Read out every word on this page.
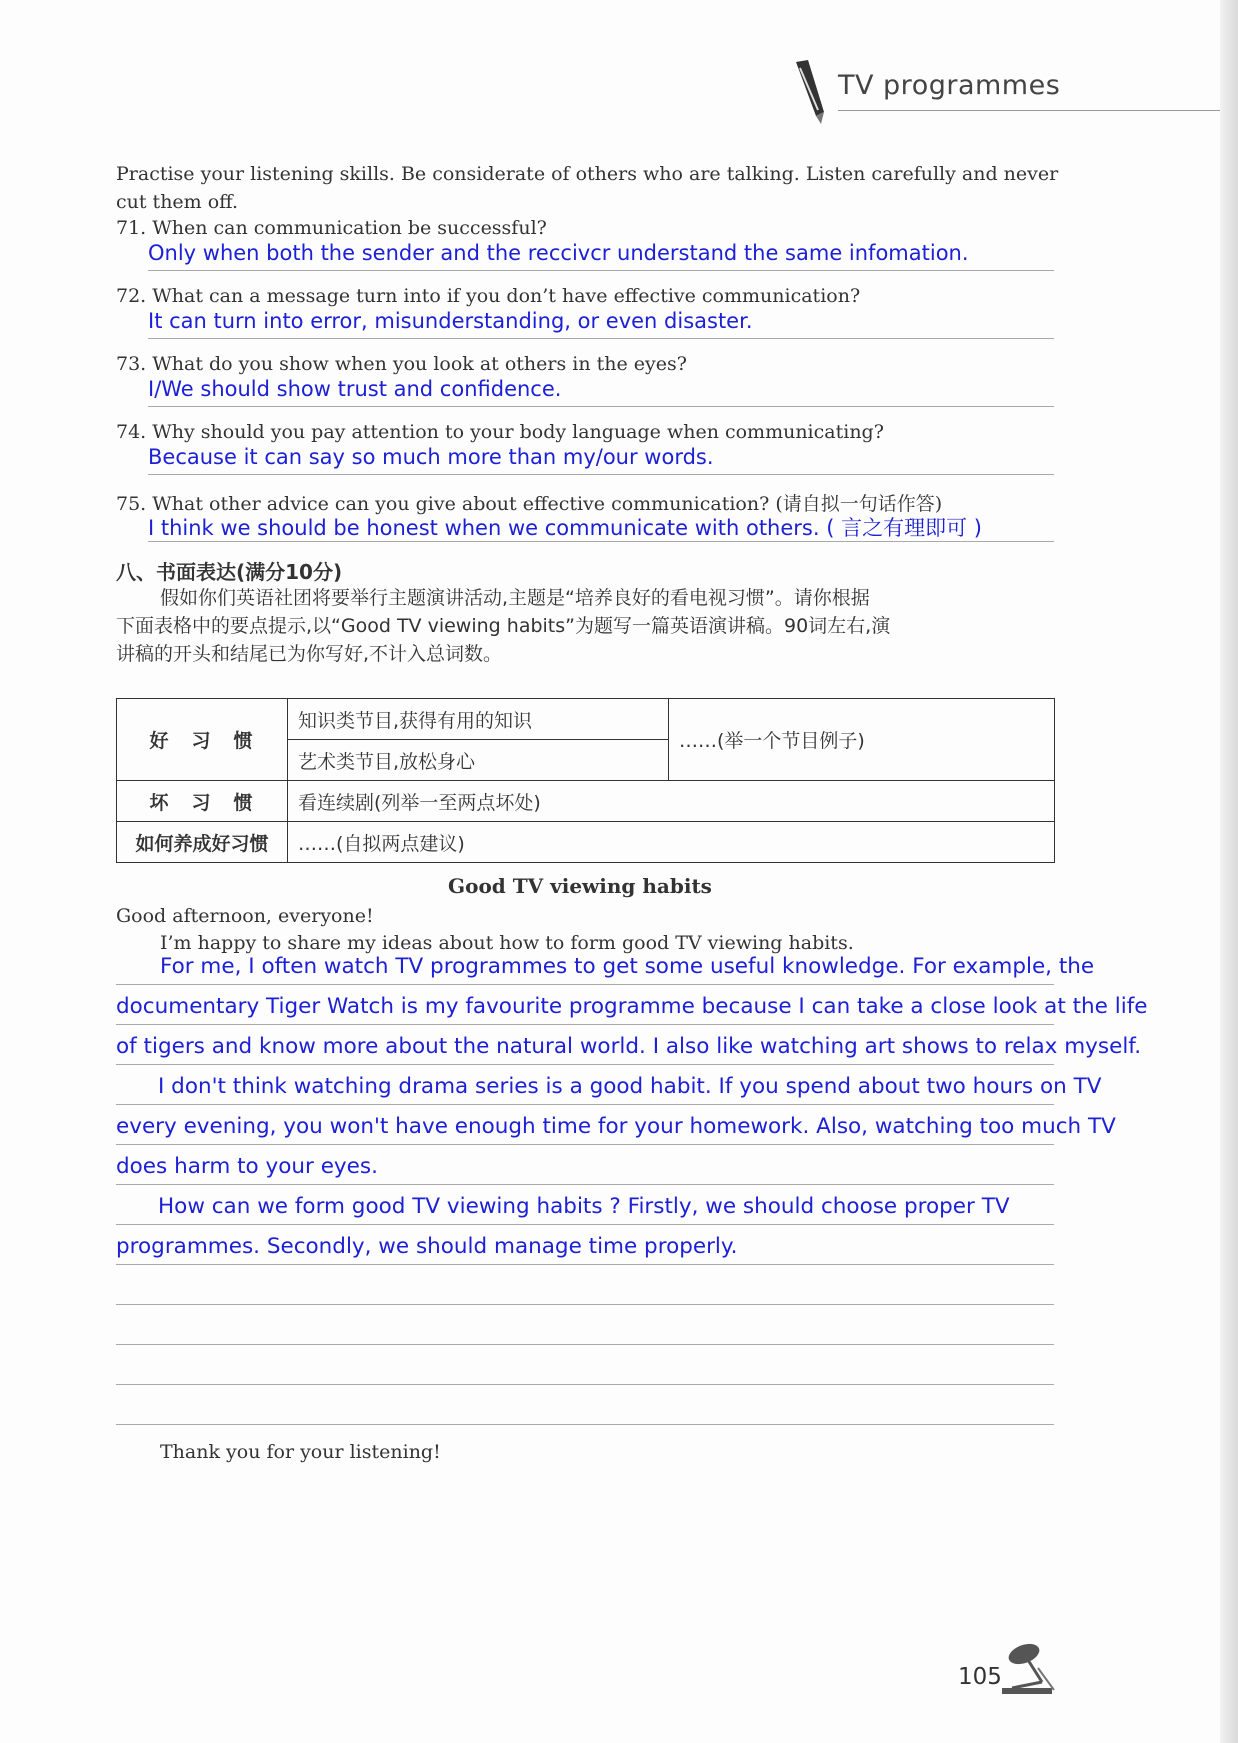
TV programmes
Practise your listening skills. Be considerate of others who are talking. Listen carefully and never
cut them off.
71. When can communication be successful?
Only when both the sender and the reccivcr understand the same infomation.
72. What can a message turn into if you don’t have effective communication?
It can turn into error, misunderstanding, or even disaster.
73. What do you show when you look at others in the eyes?
I/We should show trust and confidence.
74. Why should you pay attention to your body language when communicating?
Because it can say so much more than my/our words.
75. What other advice can you give about effective communication? (请自拟一句话作答)
I think we should be honest when we communicate with others. ( 言之有理即可 )
八、书面表达(满分10分)
假如你们英语社团将要举行主题演讲活动,主题是“培养良好的看电视习惯”。请你根据
下面表格中的要点提示,以“Good TV viewing habits”为题写一篇英语演讲稿。90词左右,演
讲稿的开头和结尾已为你写好,不计入总词数。
好　习　惯	知识类节目,获得有用的知识	……(举一个节目例子)
	艺术类节目,放松身心	
坏　习　惯	看连续剧(列举一至两点坏处)	
如何养成好习惯	……(自拟两点建议)	
Good TV viewing habits
Good afternoon, everyone!
I’m happy to share my ideas about how to form good TV viewing habits.
For me, I often watch TV programmes to get some useful knowledge. For example, the
documentary Tiger Watch is my favourite programme because I can take a close look at the life
of tigers and know more about the natural world. I also like watching art shows to relax myself.
I don't think watching drama series is a good habit. If you spend about two hours on TV
every evening, you won't have enough time for your homework. Also, watching too much TV
does harm to your eyes.
How can we form good TV viewing habits ? Firstly, we should choose proper TV
programmes. Secondly, we should manage time properly.
Thank you for your listening!
105
